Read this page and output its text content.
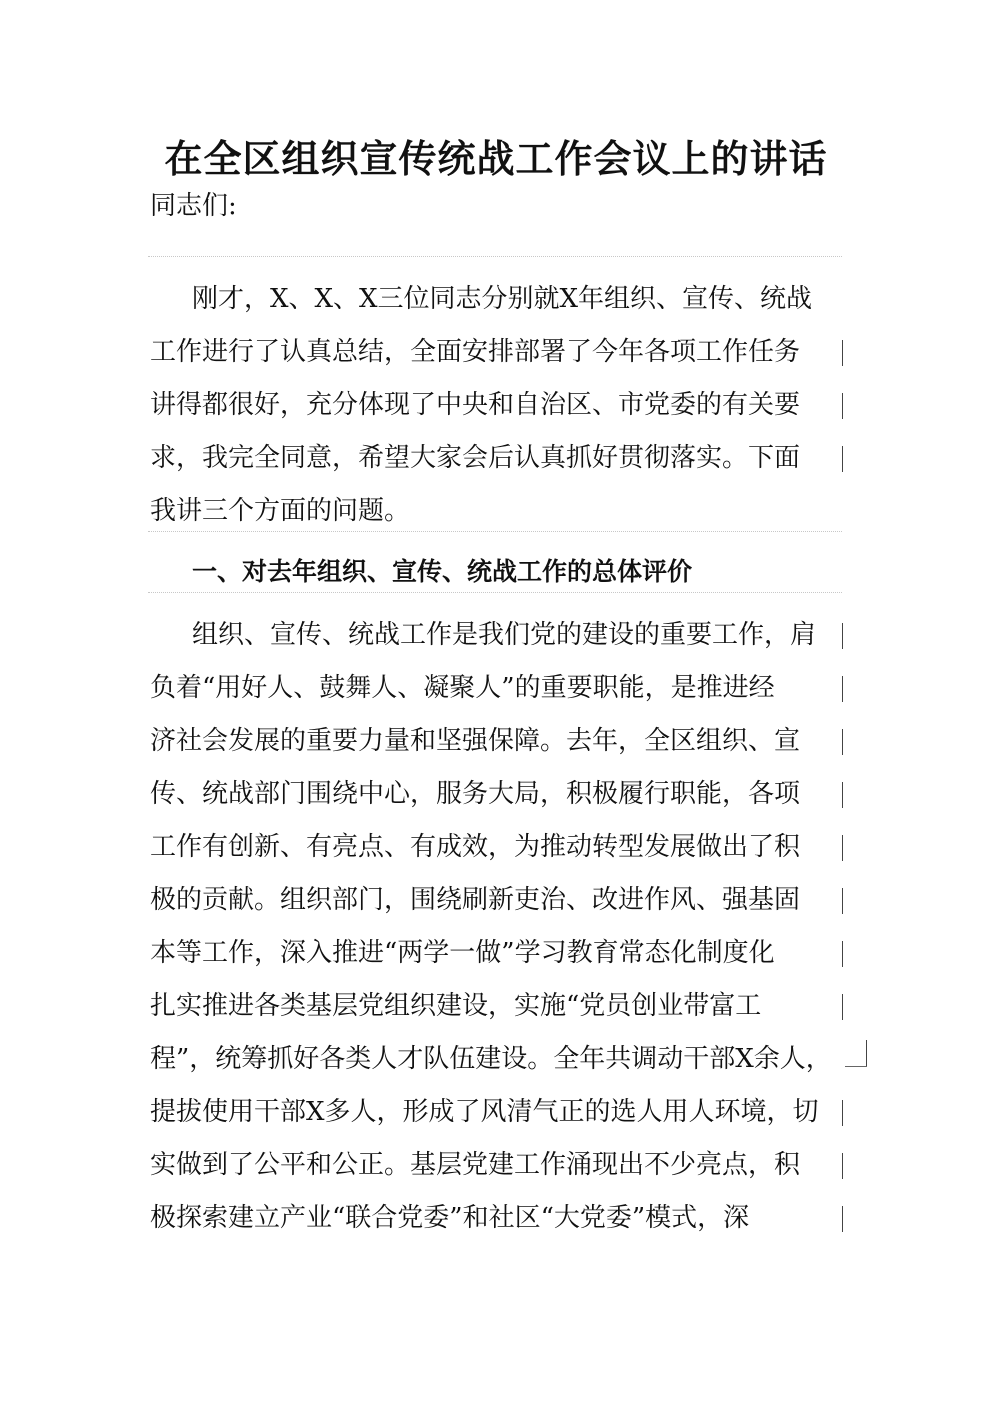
在全区组织宣传统战工作会议上的讲话
同志们:
刚才，X、X、X三位同志分别就X年组织、宣传、统战
工作进行了认真总结，全面安排部署了今年各项工作任务
讲得都很好，充分体现了中央和自治区、市党委的有关要
求，我完全同意，希望大家会后认真抓好贯彻落实。下面
我讲三个方面的问题。
一、对去年组织、宣传、统战工作的总体评价
组织、宣传、统战工作是我们党的建设的重要工作，肩
负着“用好人、鼓舞人、凝聚人”的重要职能，是推进经
济社会发展的重要力量和坚强保障。去年，全区组织、宣
传、统战部门围绕中心，服务大局，积极履行职能，各项
工作有创新、有亮点、有成效，为推动转型发展做出了积
极的贡献。组织部门，围绕刷新吏治、改进作风、强基固
本等工作，深入推进“两学一做”学习教育常态化制度化
扎实推进各类基层党组织建设，实施“党员创业带富工
程”，统筹抓好各类人才队伍建设。全年共调动干部X余人，
提拔使用干部X多人，形成了风清气正的选人用人环境，切
实做到了公平和公正。基层党建工作涌现出不少亮点，积
极探索建立产业“联合党委”和社区“大党委”模式，深
